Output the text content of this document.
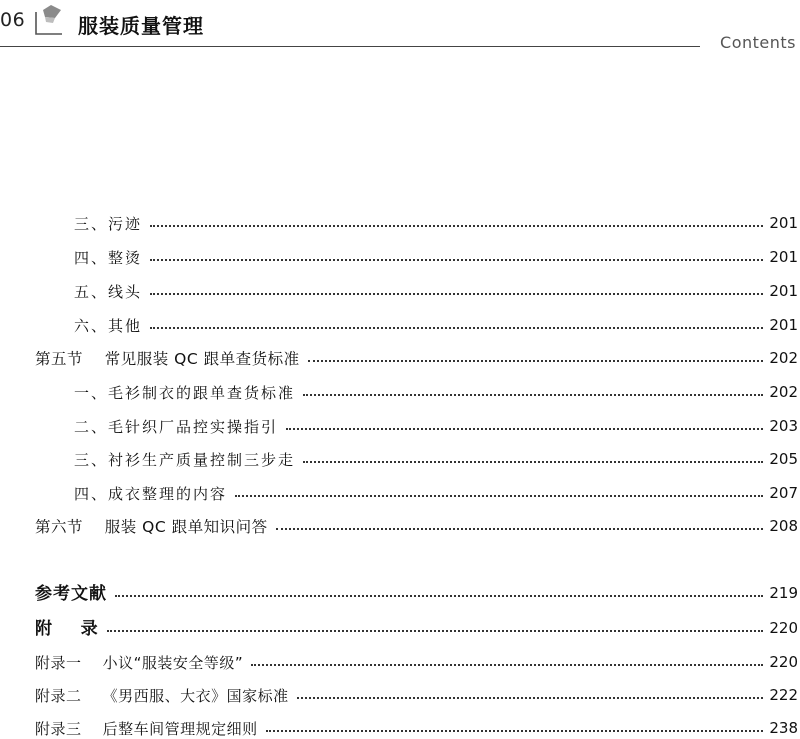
06	服装质量管理
Contents
三、污迹	201
四、整烫	201
五、线头	201
六、其他	201
第五节    常见服装 QC 跟单查货标准	202
一、毛衫制衣的跟单查货标准	202
二、毛针织厂品控实操指引	203
三、衬衫生产质量控制三步走	205
四、成衣整理的内容	207
第六节    服装 QC 跟单知识问答	208
参考文献	219
附    录	220
附录一    小议“服装安全等级”	220
附录二    《男西服、大衣》国家标准	222
附录三    后整车间管理规定细则	238
